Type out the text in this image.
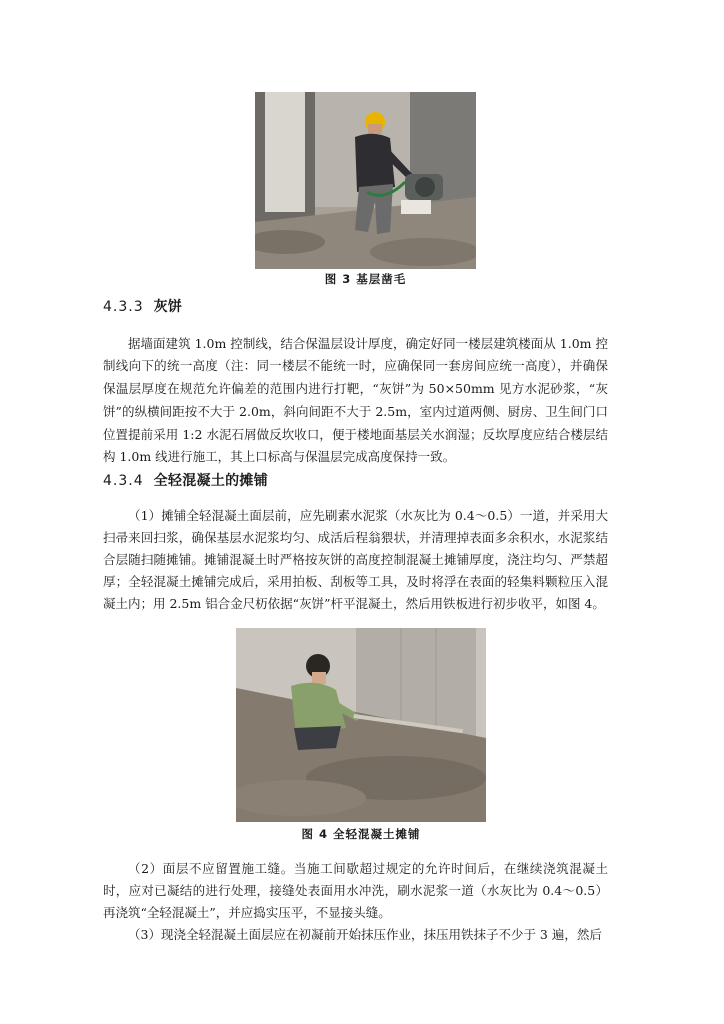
图 3 基层凿毛
4.3.3 灰饼

据墙面建筑 1.0m 控制线，结合保温层设计厚度，确定好同一楼层建筑楼面从 1.0m 控制线向下的统一高度（注：同一楼层不能统一时，应确保同一套房间应统一高度），并确保保温层厚度在规范允许偏差的范围内进行打靶，“灰饼”为 50×50mm 见方水泥砂浆，“灰饼”的纵横间距按不大于 2.0m，斜向间距不大于 2.5m，室内过道两侧、厨房、卫生间门口位置提前采用 1:2 水泥石屑做反坎收口，便于楼地面基层关水润湿；反坎厚度应结合楼层结构 1.0m 线进行施工，其上口标高与保温层完成高度保持一致。

4.3.4 全轻混凝土的摊铺

（1）摊铺全轻混凝土面层前，应先刷素水泥浆（水灰比为 0.4～0.5）一道，并采用大扫帚来回扫浆，确保基层水泥浆均匀、成活后程翁猥状，并清理掉表面多余积水，水泥浆结合层随扫随摊铺。摊铺混凝土时严格按灰饼的高度控制混凝土摊铺厚度，浇注均匀、严禁超厚；全轻混凝土摊铺完成后，采用拍板、刮板等工具，及时将浮在表面的轻集料颗粒压入混凝土内；用 2.5m 铝合金尺杤依据“灰饼”杆平混凝土，然后用铁板进行初步收平，如图 4。

图 4 全轻混凝土摊铺

（2）面层不应留置施工缝。当施工间歇超过规定的允许时间后，在继续浇筑混凝土时，应对已凝结的进行处理，接缝处表面用水冲洗，刷水泥浆一道（水灰比为 0.4～0.5）再浇筑“全轻混凝土”，并应捣实压平，不显接头缝。

（3）现浇全轻混凝土面层应在初凝前开始抹压作业，抹压用铁抹子不少于 3 遍，然后
